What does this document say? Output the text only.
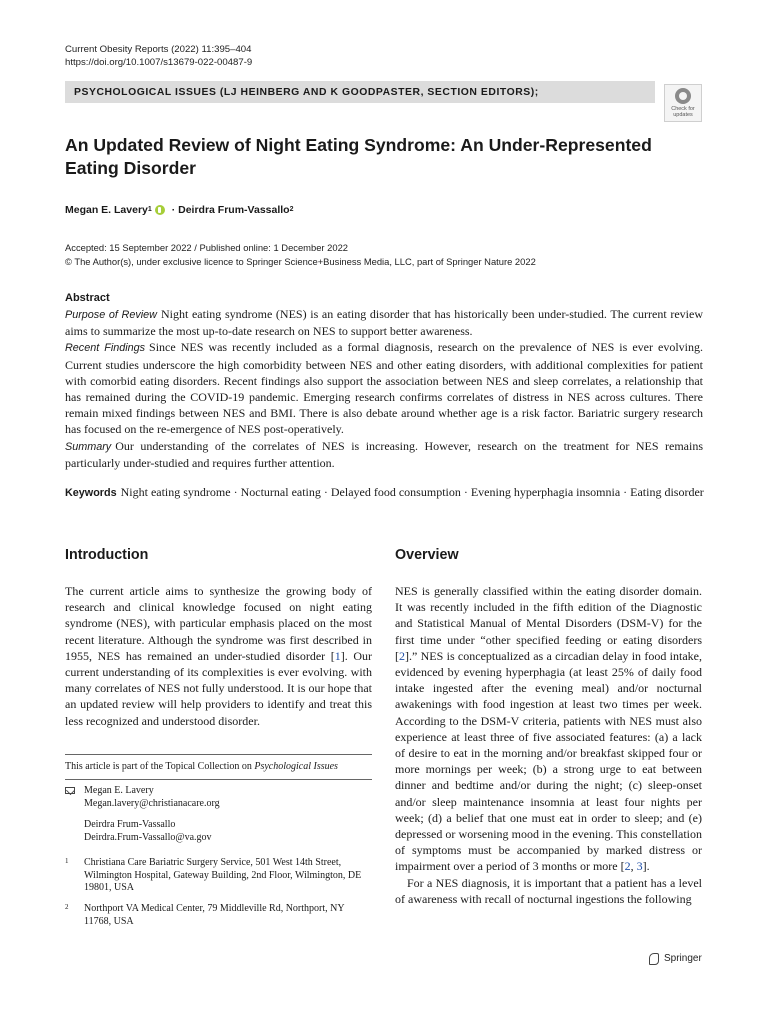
Current Obesity Reports (2022) 11:395–404
https://doi.org/10.1007/s13679-022-00487-9
PSYCHOLOGICAL ISSUES (LJ HEINBERG AND K GOODPASTER, SECTION EDITORS);
Check for
updates
An Updated Review of Night Eating Syndrome: An Under-Represented
Eating Disorder
Megan E. Lavery 1 · Deirdra Frum-Vassallo 2
Accepted: 15 September 2022 / Published online: 1 December 2022
© The Author(s), under exclusive licence to Springer Science+Business Media, LLC, part of Springer Nature 2022
Abstract

Purpose of Review Night eating syndrome (NES) is an eating disorder that has historically been under-studied. The current review aims to summarize the most up-to-date research on NES to support better awareness.

Recent Findings Since NES was recently included as a formal diagnosis, research on the prevalence of NES is ever evolving. Current studies underscore the high comorbidity between NES and other eating disorders, with additional complexities for patient with comorbid eating disorders. Recent findings also support the association between NES and sleep correlates, a relationship that has remained during the COVID-19 pandemic. Emerging research confirms correlates of distress in NES across cultures. There remain mixed findings between NES and BMI. There is also debate around whether age is a risk factor. Bariatric surgery research has focused on the re-emergence of NES post-operatively.

Summary Our understanding of the correlates of NES is increasing. However, research on the treatment for NES remains particularly under-studied and requires further attention.

Keywords Night eating syndrome · Nocturnal eating · Delayed food consumption · Evening hyperphagia insomnia · Eating disorder
Introduction

The current article aims to synthesize the growing body of research and clinical knowledge focused on night eating syndrome (NES), with particular emphasis placed on the most recent literature. Although the syndrome was first described in 1955, NES has remained an under-studied disorder [1]. Our current understanding of its complexities is ever evolving. with many correlates of NES not fully understood. It is our hope that an updated review will help providers to identify and treat this less recognized and understood disorder.

This article is part of the Topical Collection on Psychological Issues
Megan E. Lavery
Megan.lavery@christianacare.org
Deirdra Frum-Vassallo
Deirdra.Frum-Vassallo@va.gov
1	Christiana Care Bariatric Surgery Service, 501 West 14th Street, Wilmington Hospital, Gateway Building, 2nd Floor, Wilmington, DE 19801, USA
2	Northport VA Medical Center, 79 Middleville Rd, Northport, NY 11768, USA
Overview

NES is generally classified within the eating disorder domain. It was recently included in the fifth edition of the Diagnostic and Statistical Manual of Mental Disorders (DSM-V) for the first time under “other specified feeding or eating disorders [2].” NES is conceptualized as a circadian delay in food intake, evidenced by evening hyperphagia (at least 25% of daily food intake ingested after the evening meal) and/or nocturnal awakenings with food ingestion at least two times per week. According to the DSM-V criteria, patients with NES must also experience at least three of five associated features: (a) a lack of desire to eat in the morning and/or breakfast skipped four or more mornings per week; (b) a strong urge to eat between dinner and bedtime and/or during the night; (c) sleep-onset and/or sleep maintenance insomnia at least four nights per week; (d) a belief that one must eat in order to sleep; and (e) depressed or worsening mood in the evening. This constellation of symptoms must be accompanied by marked distress or impairment over a period of 3 months or more [2, 3].

For a NES diagnosis, it is important that a patient has a level of awareness with recall of nocturnal ingestions the following

Springer
